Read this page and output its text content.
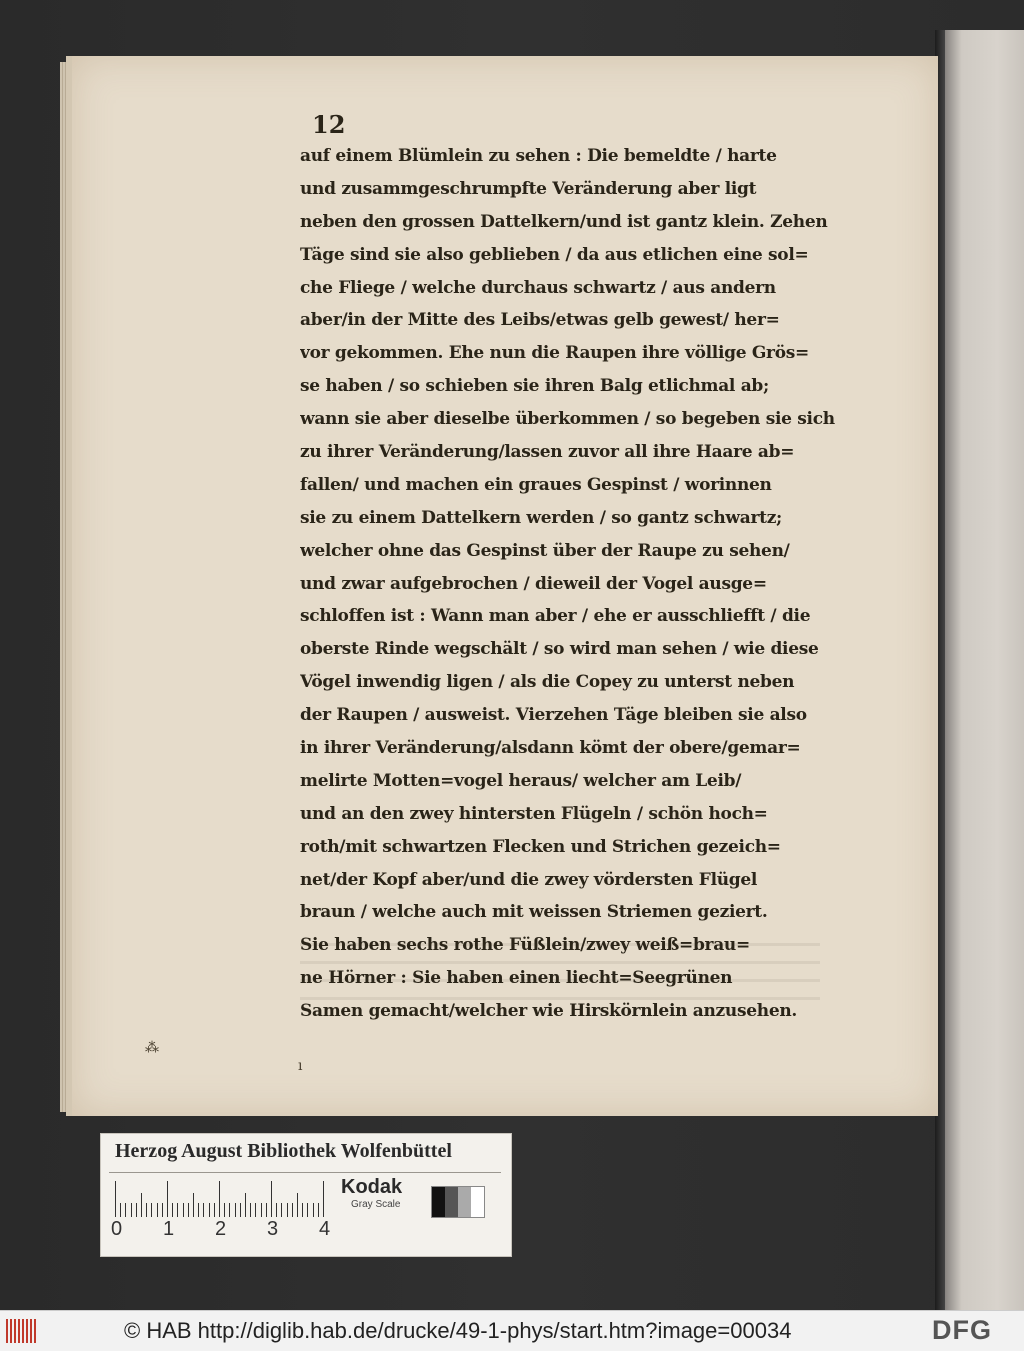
12
auf einem Blümlein zu sehen : Die bemeldte / harte
und zusammgeschrumpfte Veränderung aber ligt
neben den grossen Dattelkern/und ist gantz klein. Zehen
Täge sind sie also geblieben / da aus etlichen eine sol=
che Fliege / welche durchaus schwartz / aus andern
aber/in der Mitte des Leibs/etwas gelb gewest/ her=
vor gekommen. Ehe nun die Raupen ihre völlige Grös=
se haben / so schieben sie ihren Balg etlichmal ab;
wann sie aber dieselbe überkommen / so begeben sie sich
zu ihrer Veränderung/lassen zuvor all ihre Haare ab=
fallen/ und machen ein graues Gespinst / worinnen
sie zu einem Dattelkern werden / so gantz schwartz;
welcher ohne das Gespinst über der Raupe zu sehen/
und zwar aufgebrochen / dieweil der Vogel ausge=
schloffen ist : Wann man aber / ehe er ausschliefft / die
oberste Rinde wegschält / so wird man sehen / wie diese
Vögel inwendig ligen / als die Copey zu unterst neben
der Raupen / ausweist. Vierzehen Täge bleiben sie also
in ihrer Veränderung/alsdann kömt der obere/gemar=
melirte Motten=vogel heraus/ welcher am Leib/
und an den zwey hintersten Flügeln / schön hoch=
roth/mit schwartzen Flecken und Strichen gezeich=
net/der Kopf aber/und die zwey vördersten Flügel
braun / welche auch mit weissen Striemen geziert.
Sie haben sechs rothe Füßlein/zwey weiß=brau=
ne Hörner : Sie haben einen liecht=Seegrünen
Samen gemacht/welcher wie Hirskörnlein anzusehen.
⁂
ı
Herzog August Bibliothek Wolfenbüttel
0 1 2 3 4
Kodak
Gray Scale
© HAB http://diglib.hab.de/drucke/49-1-phys/start.htm?image=00034	DFG
